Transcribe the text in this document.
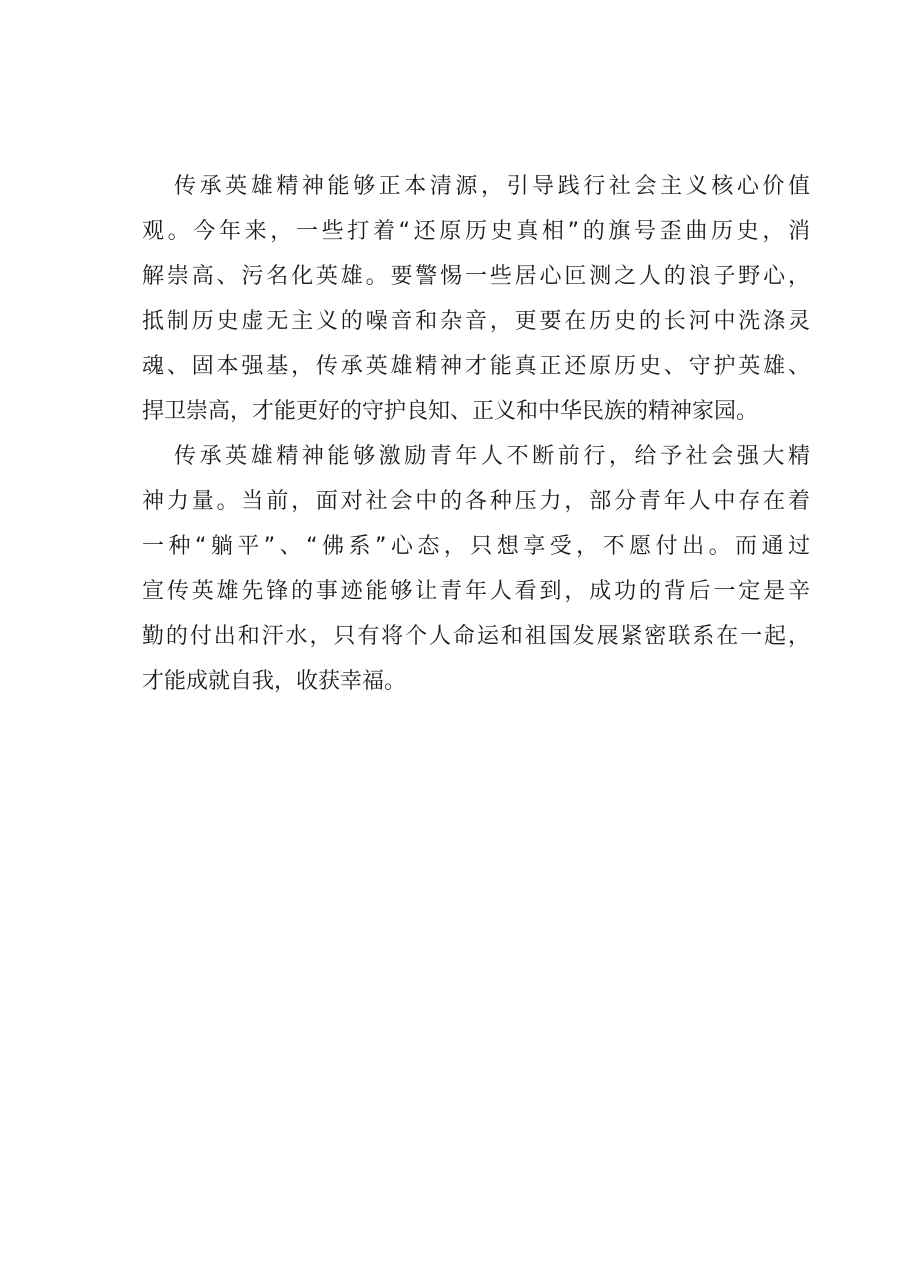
传承英雄精神能够正本清源，引导践行社会主义核心价值
观。今年来，一些打着“还原历史真相”的旗号歪曲历史，消
解崇高、污名化英雄。要警惕一些居心叵测之人的浪子野心，
抵制历史虚无主义的噪音和杂音，更要在历史的长河中洗涤灵
魂、固本强基，传承英雄精神才能真正还原历史、守护英雄、
捍卫崇高，才能更好的守护良知、正义和中华民族的精神家园。

传承英雄精神能够激励青年人不断前行，给予社会强大精
神力量。当前，面对社会中的各种压力，部分青年人中存在着
一种“躺平”、“佛系”心态，只想享受，不愿付出。而通过
宣传英雄先锋的事迹能够让青年人看到，成功的背后一定是辛
勤的付出和汗水，只有将个人命运和祖国发展紧密联系在一起，
才能成就自我，收获幸福。
